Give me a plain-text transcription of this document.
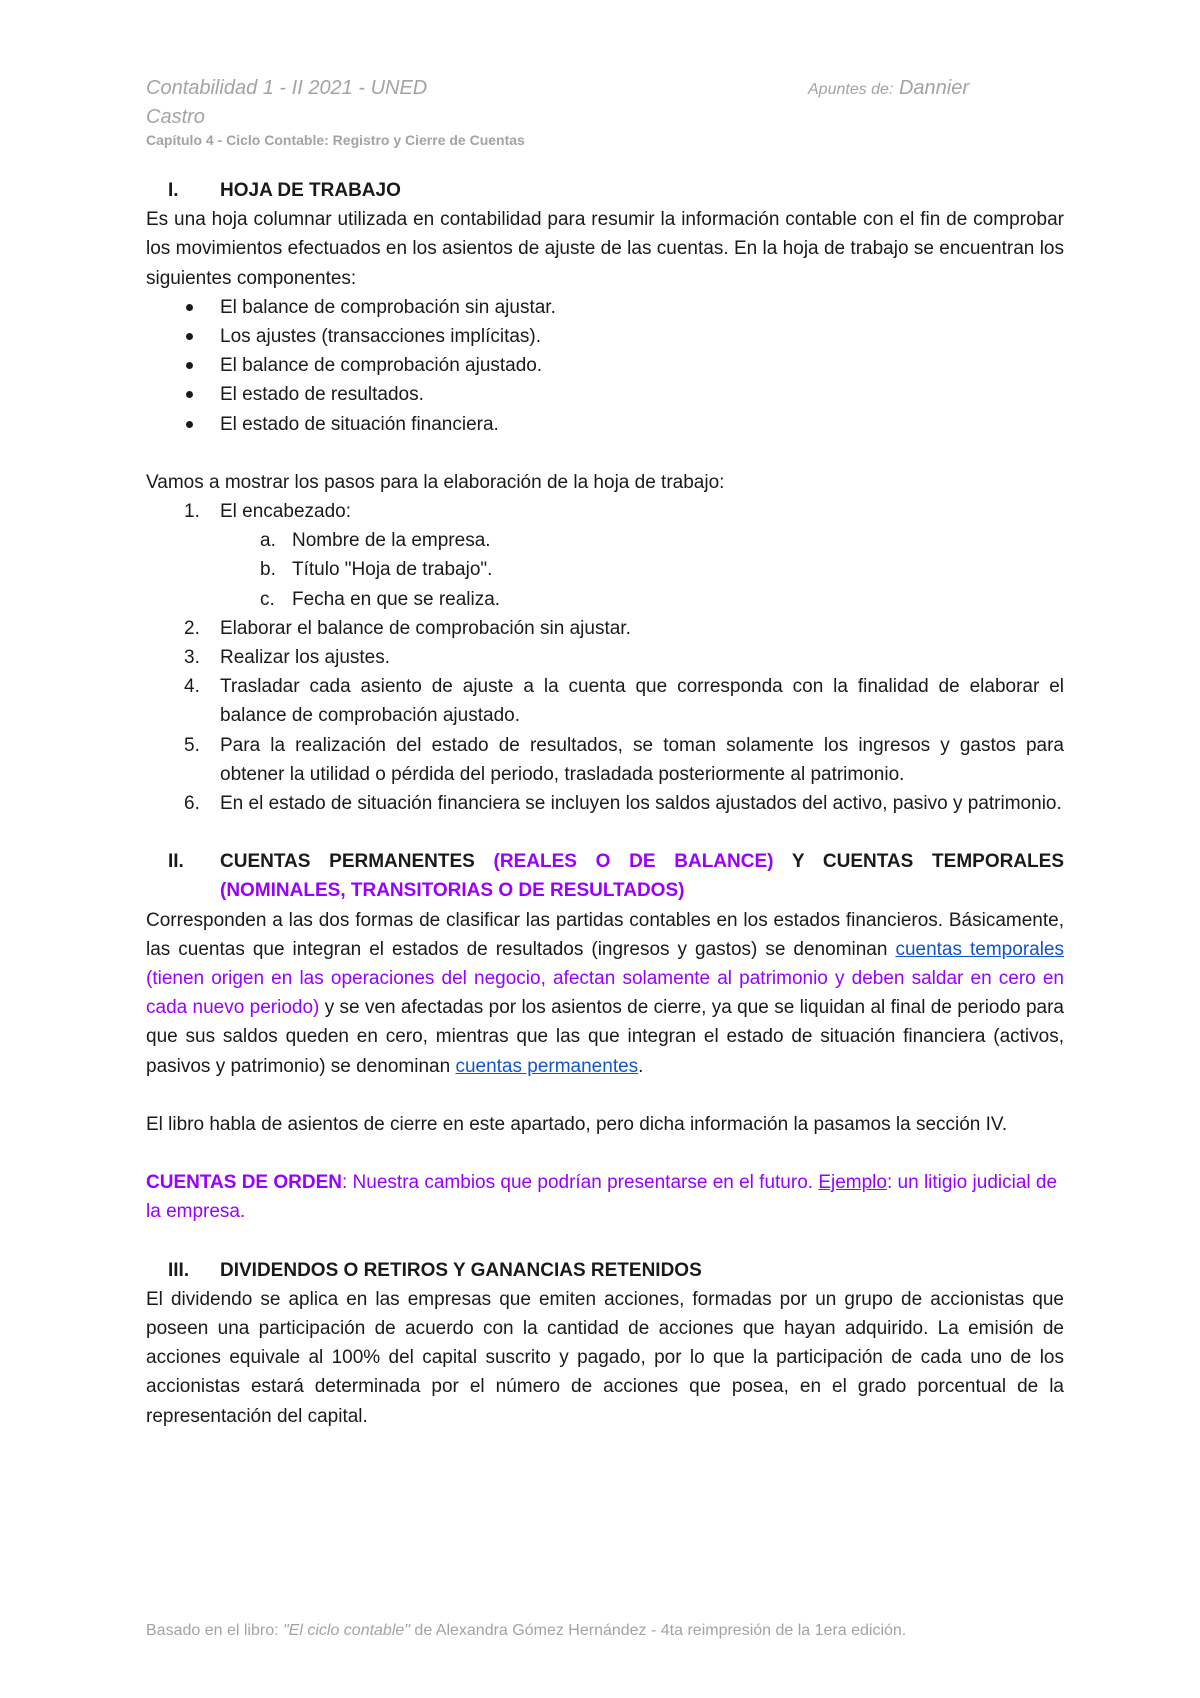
Contabilidad 1 - II 2021 - UNED
Castro
Apuntes de: Dannier
Capítulo 4 - Ciclo Contable: Registro y Cierre de Cuentas
I.	HOJA DE TRABAJO
Es una hoja columnar utilizada en contabilidad para resumir la información contable con el fin de comprobar los movimientos efectuados en los asientos de ajuste de las cuentas. En la hoja de trabajo se encuentran los siguientes componentes:
El balance de comprobación sin ajustar.
Los ajustes (transacciones implícitas).
El balance de comprobación ajustado.
El estado de resultados.
El estado de situación financiera.
Vamos a mostrar los pasos para la elaboración de la hoja de trabajo:
1.	El encabezado:
a. Nombre de la empresa.
b. Título "Hoja de trabajo".
c. Fecha en que se realiza.
2.	Elaborar el balance de comprobación sin ajustar.
3.	Realizar los ajustes.
4.	Trasladar cada asiento de ajuste a la cuenta que corresponda con la finalidad de elaborar el balance de comprobación ajustado.
5.	Para la realización del estado de resultados, se toman solamente los ingresos y gastos para obtener la utilidad o pérdida del periodo, trasladada posteriormente al patrimonio.
6.	En el estado de situación financiera se incluyen los saldos ajustados del activo, pasivo y patrimonio.
II.	CUENTAS PERMANENTES (REALES O DE BALANCE) Y CUENTAS TEMPORALES (NOMINALES, TRANSITORIAS O DE RESULTADOS)
Corresponden a las dos formas de clasificar las partidas contables en los estados financieros. Básicamente, las cuentas que integran el estados de resultados (ingresos y gastos) se denominan cuentas temporales (tienen origen en las operaciones del negocio, afectan solamente al patrimonio y deben saldar en cero en cada nuevo periodo) y se ven afectadas por los asientos de cierre, ya que se liquidan al final de periodo para que sus saldos queden en cero, mientras que las que integran el estado de situación financiera (activos, pasivos y patrimonio) se denominan cuentas permanentes.
El libro habla de asientos de cierre en este apartado, pero dicha información la pasamos la sección IV.
CUENTAS DE ORDEN: Nuestra cambios que podrían presentarse en el futuro. Ejemplo: un litigio judicial de la empresa.
III.	DIVIDENDOS O RETIROS Y GANANCIAS RETENIDOS
El dividendo se aplica en las empresas que emiten acciones, formadas por un grupo de accionistas que poseen una participación de acuerdo con la cantidad de acciones que hayan adquirido. La emisión de acciones equivale al 100% del capital suscrito y pagado, por lo que la participación de cada uno de los accionistas estará determinada por el número de acciones que posea, en el grado porcentual de la representación del capital.
Basado en el libro: "El ciclo contable" de Alexandra Gómez Hernández - 4ta reimpresión de la 1era edición.
